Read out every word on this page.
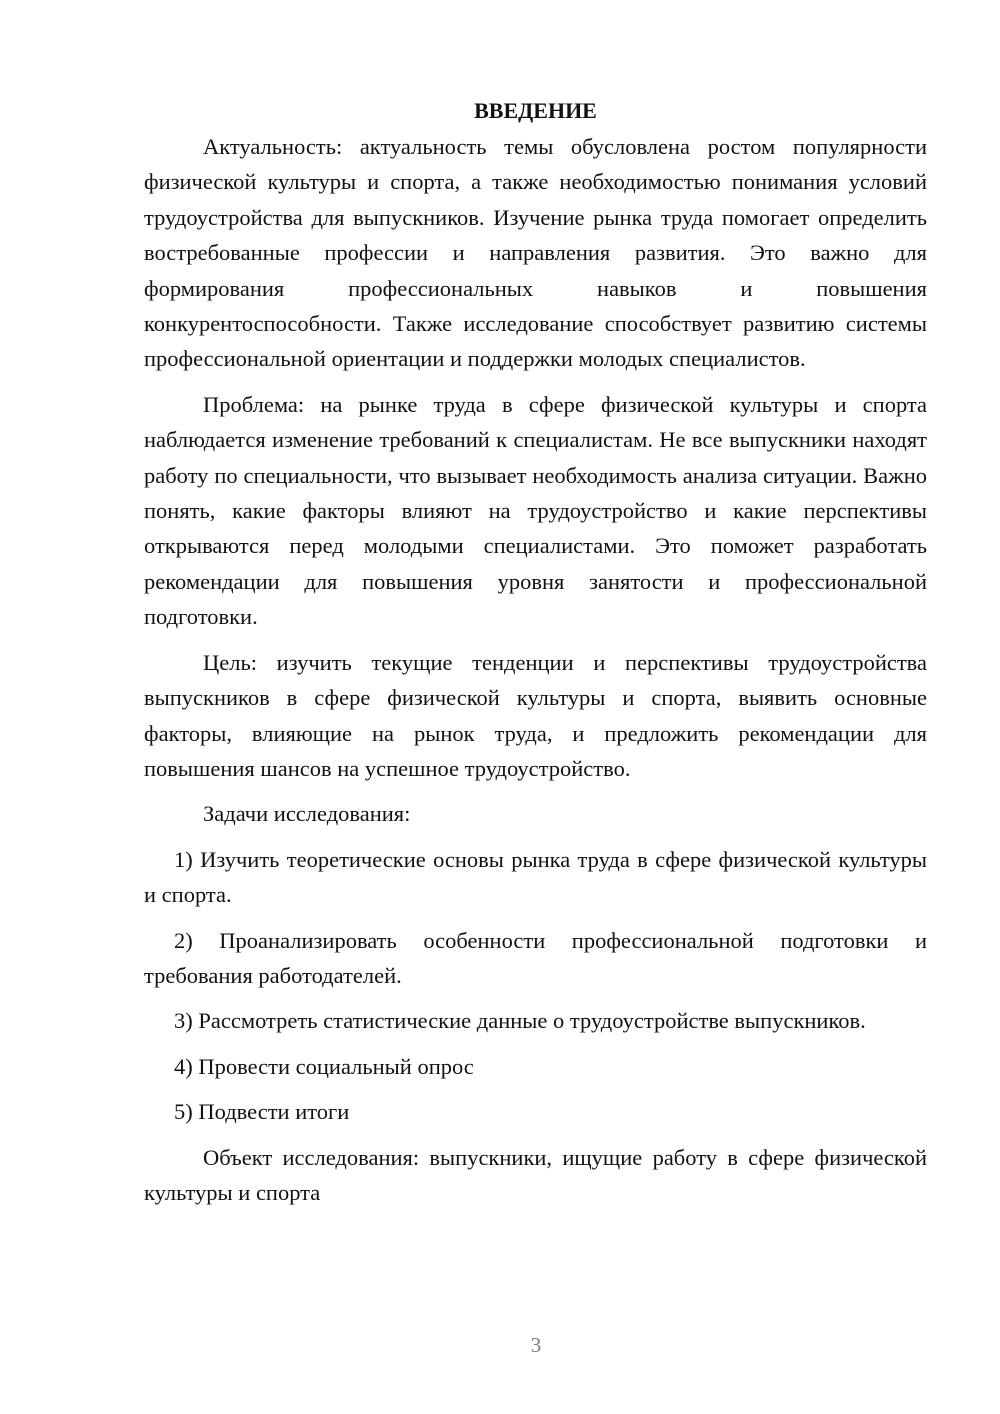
ВВЕДЕНИЕ

Актуальность: актуальность темы обусловлена ростом популярности физической культуры и спорта, а также необходимостью понимания условий трудоустройства для выпускников. Изучение рынка труда помогает определить востребованные профессии и направления развития. Это важно для формирования профессиональных навыков и повышения конкурентоспособности. Также исследование способствует развитию системы профессиональной ориентации и поддержки молодых специалистов.

Проблема: на рынке труда в сфере физической культуры и спорта наблюдается изменение требований к специалистам. Не все выпускники находят работу по специальности, что вызывает необходимость анализа ситуации. Важно понять, какие факторы влияют на трудоустройство и какие перспективы открываются перед молодыми специалистами. Это поможет разработать рекомендации для повышения уровня занятости и профессиональной подготовки.

Цель: изучить текущие тенденции и перспективы трудоустройства выпускников в сфере физической культуры и спорта, выявить основные факторы, влияющие на рынок труда, и предложить рекомендации для повышения шансов на успешное трудоустройство.

Задачи исследования:

1) Изучить теоретические основы рынка труда в сфере физической культуры и спорта.

2) Проанализировать особенности профессиональной подготовки и требования работодателей.

3) Рассмотреть статистические данные о трудоустройстве выпускников.

4) Провести социальный опрос

5) Подвести итоги

Объект исследования: выпускники, ищущие работу в сфере физической культуры и спорта

3
